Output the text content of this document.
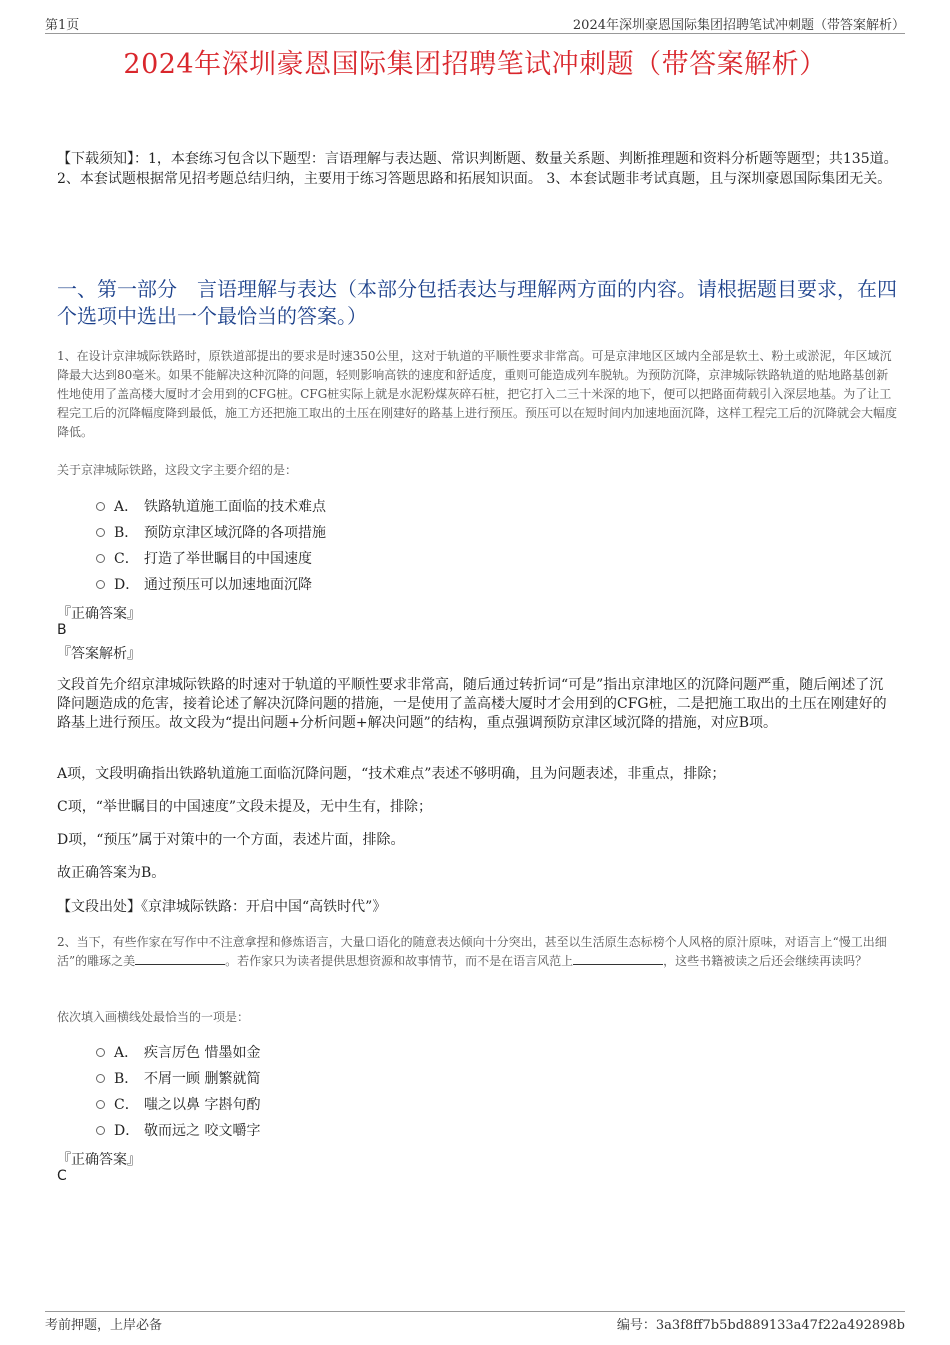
第1页	2024年深圳豪恩国际集团招聘笔试冲刺题（带答案解析）
2024年深圳豪恩国际集团招聘笔试冲刺题（带答案解析）
【下载须知】：1，本套练习包含以下题型：言语理解与表达题、常识判断题、数量关系题、判断推理题和资料分析题等题型；共135道。 2、本套试题根据常见招考题总结归纳，主要用于练习答题思路和拓展知识面。 3、本套试题非考试真题，且与深圳豪恩国际集团无关。
一、第一部分　言语理解与表达（本部分包括表达与理解两方面的内容。请根据题目要求，在四个选项中选出一个最恰当的答案。）
1、在设计京津城际铁路时，原铁道部提出的要求是时速350公里，这对于轨道的平顺性要求非常高。可是京津地区区域内全部是软土、粉土或淤泥，年区域沉降最大达到80毫米。如果不能解决这种沉降的问题，轻则影响高铁的速度和舒适度，重则可能造成列车脱轨。为预防沉降，京津城际铁路轨道的贴地路基创新性地使用了盖高楼大厦时才会用到的CFG桩。CFG桩实际上就是水泥粉煤灰碎石桩，把它打入二三十米深的地下，便可以把路面荷载引入深层地基。为了让工程完工后的沉降幅度降到最低，施工方还把施工取出的土压在刚建好的路基上进行预压。预压可以在短时间内加速地面沉降，这样工程完工后的沉降就会大幅度降低。
关于京津城际铁路，这段文字主要介绍的是：
A． 铁路轨道施工面临的技术难点
B． 预防京津区域沉降的各项措施
C． 打造了举世瞩目的中国速度
D． 通过预压可以加速地面沉降
『正确答案』
B
『答案解析』
文段首先介绍京津城际铁路的时速对于轨道的平顺性要求非常高，随后通过转折词“可是”指出京津地区的沉降问题严重，随后阐述了沉降问题造成的危害，接着论述了解决沉降问题的措施，一是使用了盖高楼大厦时才会用到的CFG桩，二是把施工取出的土压在刚建好的路基上进行预压。故文段为“提出问题+分析问题+解决问题”的结构，重点强调预防京津区域沉降的措施，对应B项。
A项，文段明确指出铁路轨道施工面临沉降问题，“技术难点”表述不够明确，且为问题表述，非重点，排除；
C项，“举世瞩目的中国速度”文段未提及，无中生有，排除；
D项，“预压”属于对策中的一个方面，表述片面，排除。
故正确答案为B。
【文段出处】《京津城际铁路：开启中国“高铁时代”》
2、当下，有些作家在写作中不注意拿捏和修炼语言，大量口语化的随意表达倾向十分突出，甚至以生活原生态标榜个人风格的原汁原味，对语言上“慢工出细活”的雕琢之美	。若作家只为读者提供思想资源和故事情节，而不是在语言风范上	，这些书籍被读之后还会继续再读吗？
依次填入画横线处最恰当的一项是：
A． 疾言厉色 惜墨如金
B． 不屑一顾 删繁就简
C． 嗤之以鼻 字斟句酌
D． 敬而远之 咬文嚼字
『正确答案』
C
考前押题，上岸必备	编号：3a3f8ff7b5bd889133a47f22a492898b
